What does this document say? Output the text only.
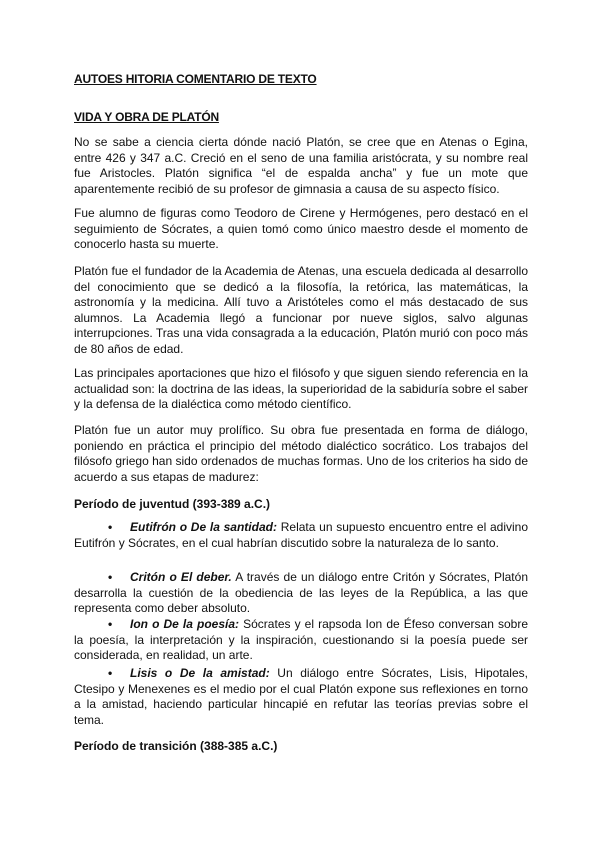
AUTOES HITORIA COMENTARIO DE TEXTO
VIDA Y OBRA DE PLATÓN
No se sabe a ciencia cierta dónde nació Platón, se cree que en Atenas o Egina, entre 426 y 347 a.C. Creció en el seno de una familia aristócrata, y su nombre real fue Aristocles. Platón significa “el de espalda ancha” y fue un mote que aparentemente recibió de su profesor de gimnasia a causa de su aspecto físico.
Fue alumno de figuras como Teodoro de Cirene y Hermógenes, pero destacó en el seguimiento de Sócrates, a quien tomó como único maestro desde el momento de conocerlo hasta su muerte.
Platón fue el fundador de la Academia de Atenas, una escuela dedicada al desarrollo del conocimiento que se dedicó a la filosofía, la retórica, las matemáticas, la astronomía y la medicina. Allí tuvo a Aristóteles como el más destacado de sus alumnos. La Academia llegó a funcionar por nueve siglos, salvo algunas interrupciones. Tras una vida consagrada a la educación, Platón murió con poco más de 80 años de edad.
Las principales aportaciones que hizo el filósofo y que siguen siendo referencia en la actualidad son: la doctrina de las ideas, la superioridad de la sabiduría sobre el saber y la defensa de la dialéctica como método científico.
Platón fue un autor muy prolífico. Su obra fue presentada en forma de diálogo, poniendo en práctica el principio del método dialéctico socrático. Los trabajos del filósofo griego han sido ordenados de muchas formas. Uno de los criterios ha sido de acuerdo a sus etapas de madurez:
Período de juventud (393-389 a.C.)
• Eutifrón o De la santidad: Relata un supuesto encuentro entre el adivino Eutifrón y Sócrates, en el cual habrían discutido sobre la naturaleza de lo santo.
• Critón o El deber. A través de un diálogo entre Critón y Sócrates, Platón desarrolla la cuestión de la obediencia de las leyes de la República, a las que representa como deber absoluto.
• Ion o De la poesía: Sócrates y el rapsoda Ion de Éfeso conversan sobre la poesía, la interpretación y la inspiración, cuestionando si la poesía puede ser considerada, en realidad, un arte.
• Lisis o De la amistad: Un diálogo entre Sócrates, Lisis, Hipotales, Ctesipo y Menexenes es el medio por el cual Platón expone sus reflexiones en torno a la amistad, haciendo particular hincapié en refutar las teorías previas sobre el tema.
Período de transición (388-385 a.C.)
